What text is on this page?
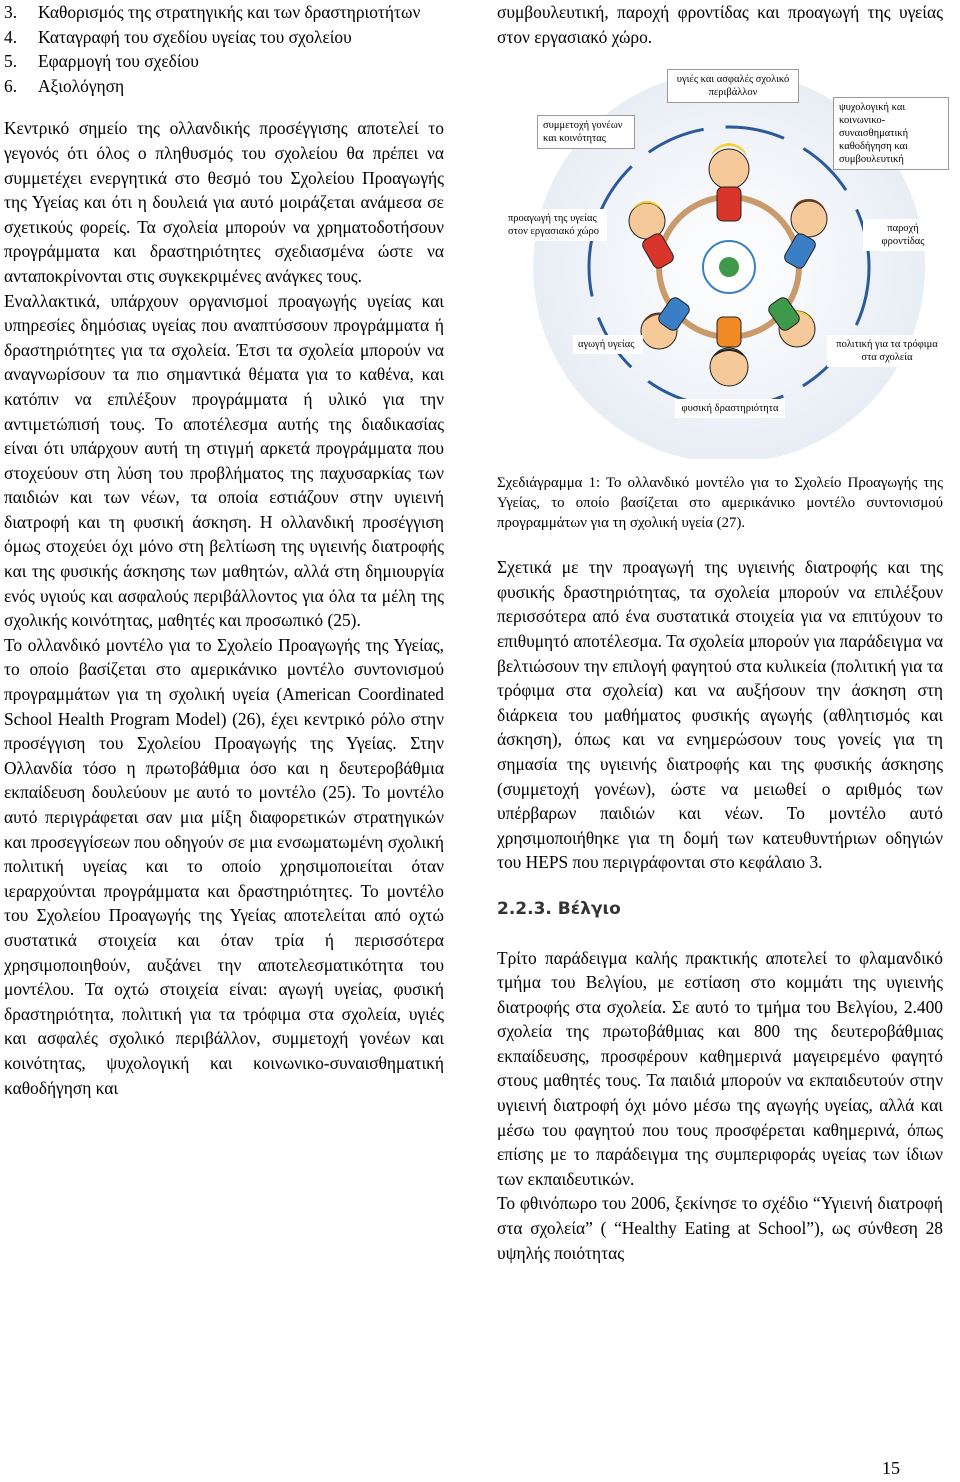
3.	Καθορισμός της στρατηγικής και των δραστηριοτήτων
4.	Καταγραφή του σχεδίου υγείας του σχολείου
5.	Εφαρμογή του σχεδίου
6.	Αξιολόγηση

Κεντρικό σημείο της ολλανδικής προσέγγισης αποτελεί το γεγονός ότι όλος ο πληθυσμός του σχολείου θα πρέπει να συμμετέχει ενεργητικά στο θεσμό του Σχολείου Προαγωγής της Υγείας και ότι η δουλειά για αυτό μοιράζεται ανάμεσα σε σχετικούς φορείς. Τα σχολεία μπορούν να χρηματοδοτήσουν προγράμματα και δραστηριότητες σχεδιασμένα ώστε να ανταποκρίνονται στις συγκεκριμένες ανάγκες τους.

Εναλλακτικά, υπάρχουν οργανισμοί προαγωγής υγείας και υπηρεσίες δημόσιας υγείας που αναπτύσσουν προγράμματα ή δραστηριότητες για τα σχολεία. Έτσι τα σχολεία μπορούν να αναγνωρίσουν τα πιο σημαντικά θέματα για το καθένα, και κατόπιν να επιλέξουν προγράμματα ή υλικό για την αντιμετώπισή τους. Το αποτέλεσμα αυτής της διαδικασίας είναι ότι υπάρχουν αυτή τη στιγμή αρκετά προγράμματα που στοχεύουν στη λύση του προβλήματος της παχυσαρκίας των παιδιών και των νέων, τα οποία εστιάζουν στην υγιεινή διατροφή και τη φυσική άσκηση. Η ολλανδική προσέγγιση όμως στοχεύει όχι μόνο στη βελτίωση της υγιεινής διατροφής και της φυσικής άσκησης των μαθητών, αλλά στη δημιουργία ενός υγιούς και ασφαλούς περιβάλλοντος για όλα τα μέλη της σχολικής κοινότητας, μαθητές και προσωπικό (25).

Το ολλανδικό μοντέλο για το Σχολείο Προαγωγής της Υγείας, το οποίο βασίζεται στο αμερικάνικο μοντέλο συντονισμού προγραμμάτων για τη σχολική υγεία (American Coordinated School Health Program Model) (26), έχει κεντρικό ρόλο στην προσέγγιση του Σχολείου Προαγωγής της Υγείας. Στην Ολλανδία τόσο η πρωτοβάθμια όσο και η δευτεροβάθμια εκπαίδευση δουλεύουν με αυτό το μοντέλο (25). Το μοντέλο αυτό περιγράφεται σαν μια μίξη διαφορετικών στρατηγικών και προσεγγίσεων που οδηγούν σε μια ενσωματωμένη σχολική πολιτική υγείας και το οποίο χρησιμοποιείται όταν ιεραρχούνται προγράμματα και δραστηριότητες. Το μοντέλο του Σχολείου Προαγωγής της Υγείας αποτελείται από οχτώ συστατικά στοιχεία και όταν τρία ή περισσότερα χρησιμοποιηθούν, αυξάνει την αποτελεσματικότητα του μοντέλου. Τα οχτώ στοιχεία είναι: αγωγή υγείας, φυσική δραστηριότητα, πολιτική για τα τρόφιμα στα σχολεία, υγιές και ασφαλές σχολικό περιβάλλον, συμμετοχή γονέων και κοινότητας, ψυχολογική και κοινωνικο-συναισθηματική καθοδήγηση και

συμβουλευτική, παροχή φροντίδας και προαγωγή της υγείας στον εργασιακό χώρο.

υγιές και ασφαλές σχολικό περιβάλλον
ψυχολογική και κοινωνικο-συναισθηματική καθοδήγηση και συμβουλευτική
συμμετοχή γονέων και κοινότητας
προαγωγή της υγείας στον εργασιακό χώρο	παροχή φροντίδας
αγωγή υγείας	πολιτική για τα τρόφιμα στα σχολεία
φυσική δραστηριότητα

Σχεδιάγραμμα 1: Το ολλανδικό μοντέλο για το Σχολείο Προαγωγής της Υγείας, το οποίο βασίζεται στο αμερικάνικο μοντέλο συντονισμού προγραμμάτων για τη σχολική υγεία (27).

Σχετικά με την προαγωγή της υγιεινής διατροφής και της φυσικής δραστηριότητας, τα σχολεία μπορούν να επιλέξουν περισσότερα από ένα συστατικά στοιχεία για να επιτύχουν το επιθυμητό αποτέλεσμα. Τα σχολεία μπορούν για παράδειγμα να βελτιώσουν την επιλογή φαγητού στα κυλικεία (πολιτική για τα τρόφιμα στα σχολεία) και να αυξήσουν την άσκηση στη διάρκεια του μαθήματος φυσικής αγωγής (αθλητισμός και άσκηση), όπως και να ενημερώσουν τους γονείς για τη σημασία της υγιεινής διατροφής και της φυσικής άσκησης (συμμετοχή γονέων), ώστε να μειωθεί ο αριθμός των υπέρβαρων παιδιών και νέων. Το μοντέλο αυτό χρησιμοποιήθηκε για τη δομή των κατευθυντήριων οδηγιών του HEPS που περιγράφονται στο κεφάλαιο 3.

2.2.3. Βέλγιο

Τρίτο παράδειγμα καλής πρακτικής αποτελεί το φλαμανδικό τμήμα του Βελγίου, με εστίαση στο κομμάτι της υγιεινής διατροφής στα σχολεία. Σε αυτό το τμήμα του Βελγίου, 2.400 σχολεία της πρωτοβάθμιας και 800 της δευτεροβάθμιας εκπαίδευσης, προσφέρουν καθημερινά μαγειρεμένο φαγητό στους μαθητές τους. Τα παιδιά μπορούν να εκπαιδευτούν στην υγιεινή διατροφή όχι μόνο μέσω της αγωγής υγείας, αλλά και μέσω του φαγητού που τους προσφέρεται καθημερινά, όπως επίσης με το παράδειγμα της συμπεριφοράς υγείας των ίδιων των εκπαιδευτικών.

Το φθινόπωρο του 2006, ξεκίνησε το σχέδιο “Υγιεινή διατροφή στα σχολεία” ( “Healthy Eating at School”), ως σύνθεση 28 υψηλής ποιότητας

15
